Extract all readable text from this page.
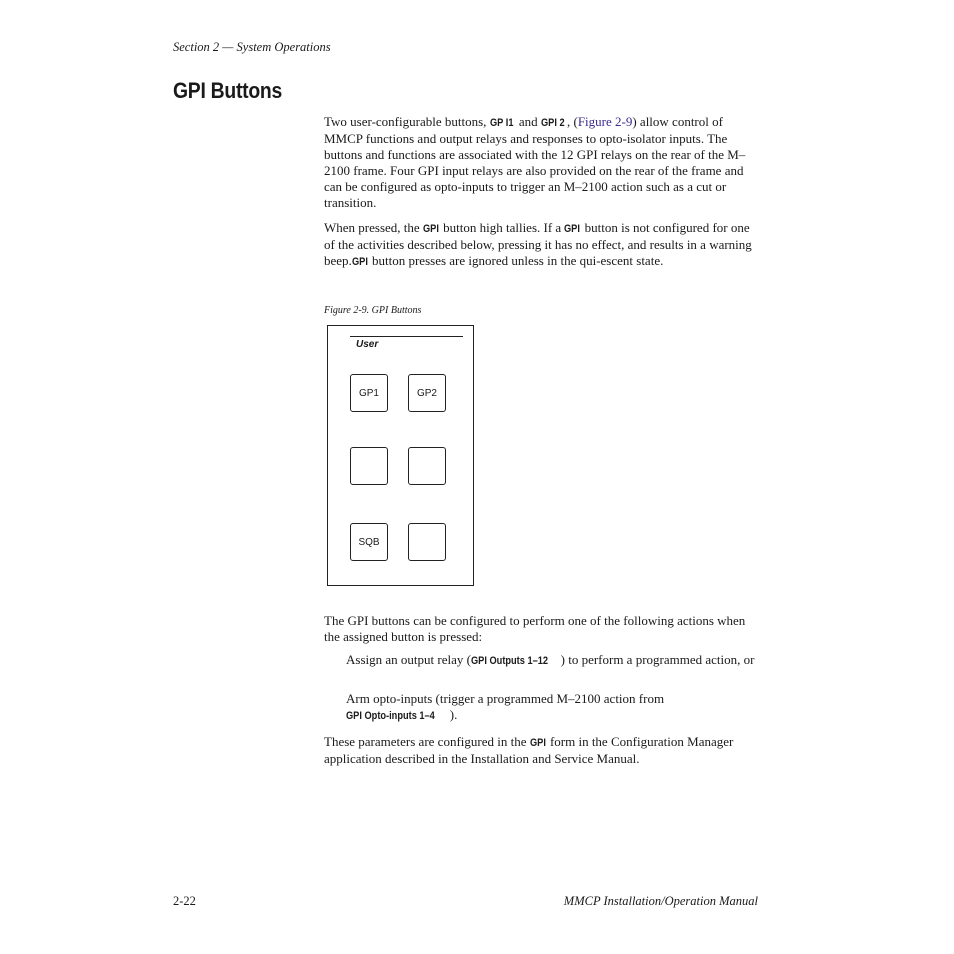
Section 2 — System Operations
GPI Buttons

Two user-configurable buttons, GP I1 and GPI 2 , (Figure 2-9) allow control of MMCP functions and output relays and responses to opto-isolator inputs. The buttons and functions are associated with the 12 GPI relays on the rear of the M–2100 frame. Four GPI input relays are also provided on the rear of the frame and can be configured as opto-inputs to trigger an M–2100 action such as a cut or transition.

When pressed, the GPI button high tallies. If a GPI button is not configured for one of the activities described below, pressing it has no effect, and results in a warning beep.GPI button presses are ignored unless in the qui-escent state.

Figure 2-9. GPI Buttons
User
GP1	GP2
SQB

The GPI buttons can be configured to perform one of the following actions when the assigned button is pressed:

Assign an output relay (GPI Outputs 1–12 ) to perform a programmed action, or

Arm opto-inputs (trigger a programmed M–2100 action from GPI Opto-inputs 1–4 ).

These parameters are configured in the GPI form in the Configuration Manager application described in the Installation and Service Manual.

2-22	MMCP Installation/Operation Manual
